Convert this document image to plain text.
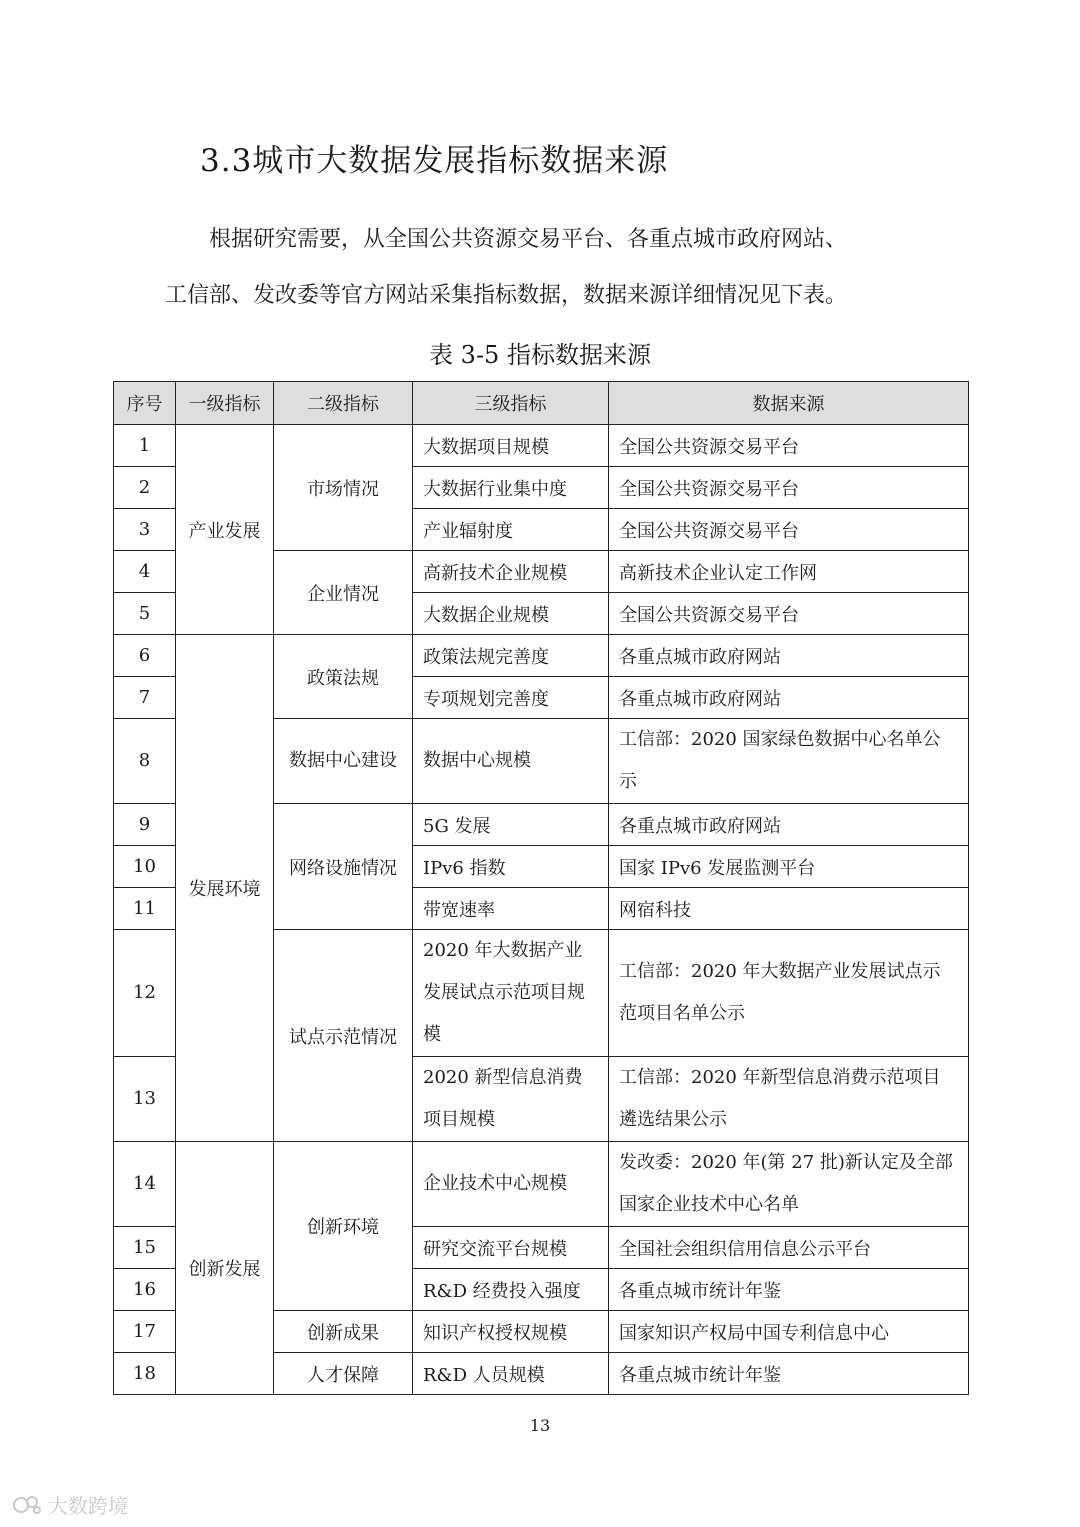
3.3城市大数据发展指标数据来源

根据研究需要，从全国公共资源交易平台、各重点城市政府网站、

工信部、发改委等官方网站采集指标数据，数据来源详细情况见下表。

表 3-5 指标数据来源
序号	一级指标	二级指标	三级指标	数据来源
1	产业发展	市场情况	大数据项目规模	全国公共资源交易平台
2			大数据行业集中度	全国公共资源交易平台
3			产业辐射度	全国公共资源交易平台
4		企业情况	高新技术企业规模	高新技术企业认定工作网
5			大数据企业规模	全国公共资源交易平台
6	发展环境	政策法规	政策法规完善度	各重点城市政府网站
7			专项规划完善度	各重点城市政府网站
8		数据中心建设	数据中心规模	工信部：2020 国家绿色数据中心名单公示
9		网络设施情况	5G 发展	各重点城市政府网站
10			IPv6 指数	国家 IPv6 发展监测平台
11			带宽速率	网宿科技
12		试点示范情况	2020 年大数据产业发展试点示范项目规模	工信部：2020 年大数据产业发展试点示范项目名单公示
13			2020 新型信息消费项目规模	工信部：2020 年新型信息消费示范项目遴选结果公示
14	创新发展	创新环境	企业技术中心规模	发改委：2020 年(第 27 批)新认定及全部国家企业技术中心名单
15			研究交流平台规模	全国社会组织信用信息公示平台
16			R&D 经费投入强度	各重点城市统计年鉴
17		创新成果	知识产权授权规模	国家知识产权局中国专利信息中心
18		人才保障	R&D 人员规模	各重点城市统计年鉴
13
大数跨境
